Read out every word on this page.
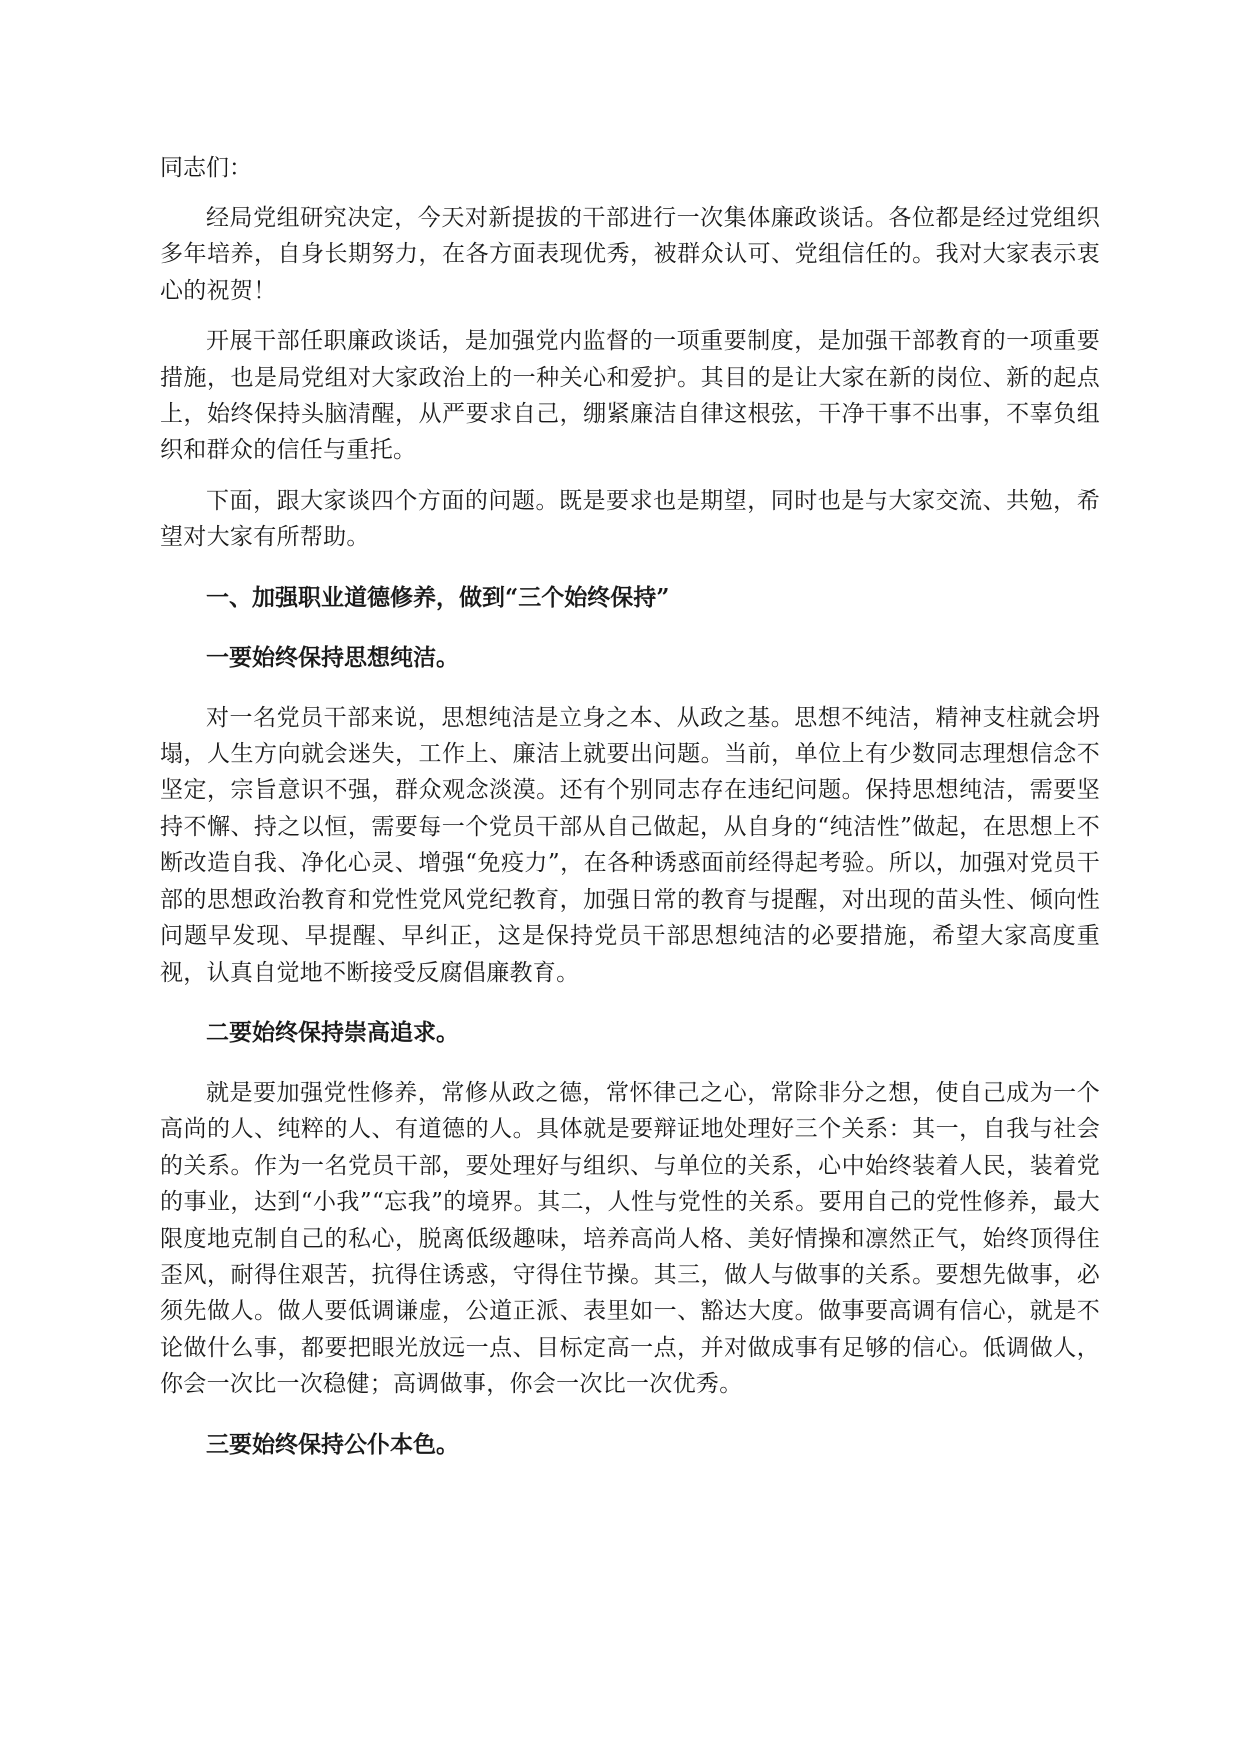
同志们：

经局党组研究决定，今天对新提拔的干部进行一次集体廉政谈话。各位都是经过党组织多年培养，自身长期努力，在各方面表现优秀，被群众认可、党组信任的。我对大家表示衷心的祝贺！

开展干部任职廉政谈话，是加强党内监督的一项重要制度，是加强干部教育的一项重要措施，也是局党组对大家政治上的一种关心和爱护。其目的是让大家在新的岗位、新的起点上，始终保持头脑清醒，从严要求自己，绷紧廉洁自律这根弦，干净干事不出事，不辜负组织和群众的信任与重托。

下面，跟大家谈四个方面的问题。既是要求也是期望，同时也是与大家交流、共勉，希望对大家有所帮助。

一、加强职业道德修养，做到“三个始终保持”

一要始终保持思想纯洁。

对一名党员干部来说，思想纯洁是立身之本、从政之基。思想不纯洁，精神支柱就会坍塌，人生方向就会迷失，工作上、廉洁上就要出问题。当前，单位上有少数同志理想信念不坚定，宗旨意识不强，群众观念淡漠。还有个别同志存在违纪问题。保持思想纯洁，需要坚持不懈、持之以恒，需要每一个党员干部从自己做起，从自身的“纯洁性”做起，在思想上不断改造自我、净化心灵、增强“免疫力”，在各种诱惑面前经得起考验。所以，加强对党员干部的思想政治教育和党性党风党纪教育，加强日常的教育与提醒，对出现的苗头性、倾向性问题早发现、早提醒、早纠正，这是保持党员干部思想纯洁的必要措施，希望大家高度重视，认真自觉地不断接受反腐倡廉教育。

二要始终保持崇高追求。

就是要加强党性修养，常修从政之德，常怀律己之心，常除非分之想，使自己成为一个高尚的人、纯粹的人、有道德的人。具体就是要辩证地处理好三个关系：其一，自我与社会的关系。作为一名党员干部，要处理好与组织、与单位的关系，心中始终装着人民，装着党的事业，达到“小我”“忘我”的境界。其二，人性与党性的关系。要用自己的党性修养，最大限度地克制自己的私心，脱离低级趣味，培养高尚人格、美好情操和凛然正气，始终顶得住歪风，耐得住艰苦，抗得住诱惑，守得住节操。其三，做人与做事的关系。要想先做事，必须先做人。做人要低调谦虚，公道正派、表里如一、豁达大度。做事要高调有信心，就是不论做什么事，都要把眼光放远一点、目标定高一点，并对做成事有足够的信心。低调做人，你会一次比一次稳健；高调做事，你会一次比一次优秀。

三要始终保持公仆本色。
